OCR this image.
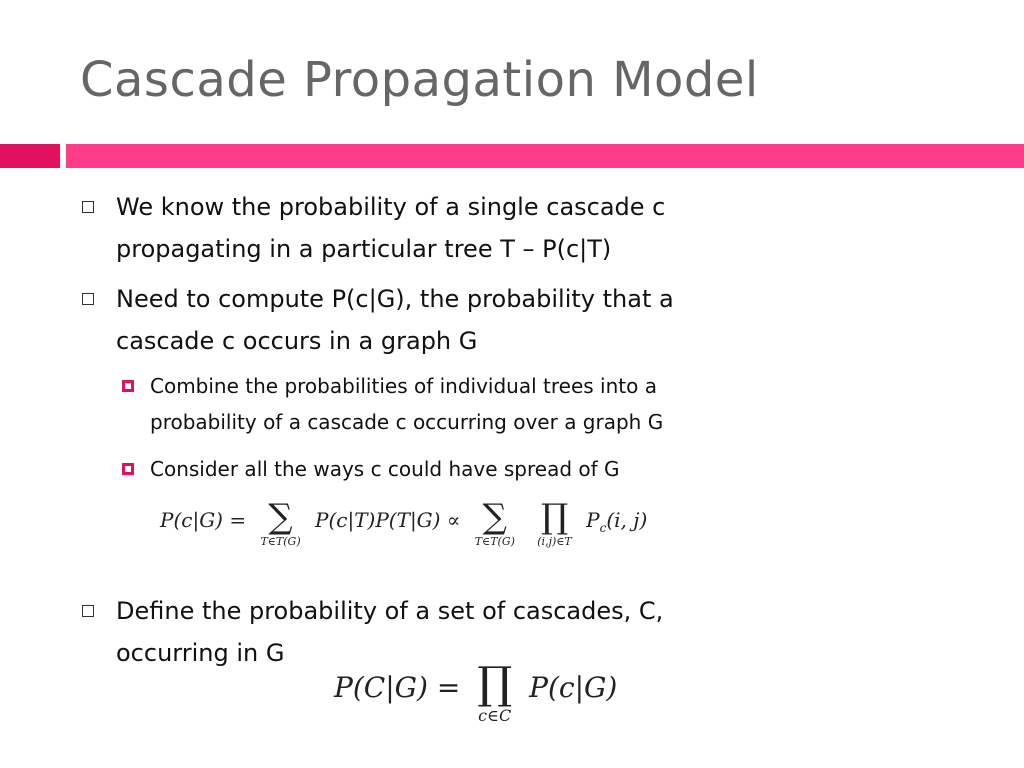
Cascade Propagation Model
We know the probability of a single cascade c
propagating in a particular tree T – P(c|T)
Need to compute P(c|G), the probability that a
cascade c occurs in a graph G
Combine the probabilities of individual trees into a
probability of a cascade c occurring over a graph G
Consider all the ways c could have spread of G
P(c|G) = ∑
T∈T(G)
P(c|T)P(T|G) ∝ ∑
T∈T(G)

∏
(i,j)∈T
$P_c(i$, j)
Define the probability of a set of cascades, C,
occurring in G
P(C|G) = ∏
c∈C
P(c|G)
